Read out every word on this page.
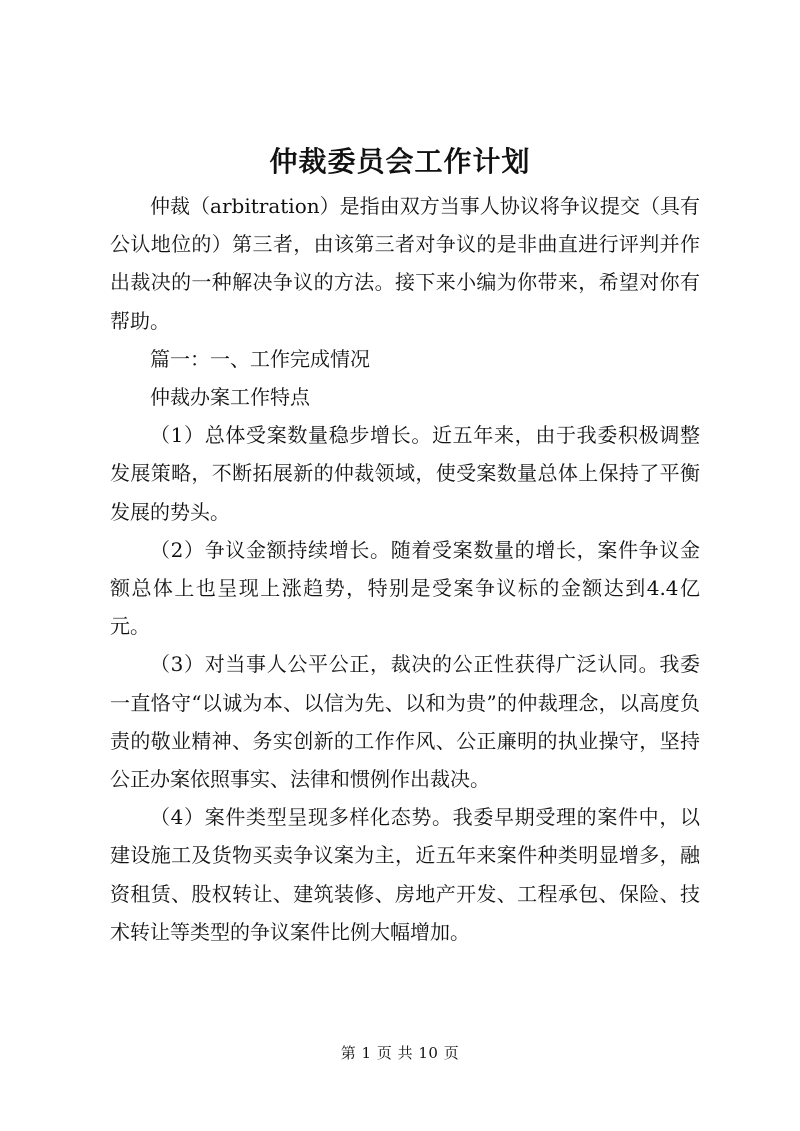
仲裁委员会工作计划

仲裁（arbitration）是指由双方当事人协议将争议提交（具有公认地位的）第三者，由该第三者对争议的是非曲直进行评判并作出裁决的一种解决争议的方法。接下来小编为你带来，希望对你有帮助。

篇一：一、工作完成情况

仲裁办案工作特点

（1）总体受案数量稳步增长。近五年来，由于我委积极调整发展策略，不断拓展新的仲裁领域，使受案数量总体上保持了平衡发展的势头。

（2）争议金额持续增长。随着受案数量的增长，案件争议金额总体上也呈现上涨趋势，特别是受案争议标的金额达到4.4亿元。

（3）对当事人公平公正，裁决的公正性获得广泛认同。我委一直恪守“以诚为本、以信为先、以和为贵”的仲裁理念，以高度负责的敬业精神、务实创新的工作作风、公正廉明的执业操守，坚持公正办案依照事实、法律和惯例作出裁决。

（4）案件类型呈现多样化态势。我委早期受理的案件中，以建设施工及货物买卖争议案为主，近五年来案件种类明显增多，融资租赁、股权转让、建筑装修、房地产开发、工程承包、保险、技术转让等类型的争议案件比例大幅增加。

第 1 页 共 10 页
